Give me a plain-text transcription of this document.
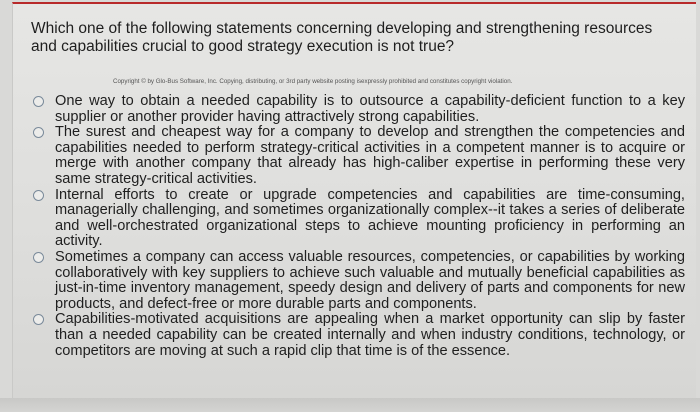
Which one of the following statements concerning developing and strengthening resources and capabilities crucial to good strategy execution is not true?
Copyright © by Glo-Bus Software, Inc. Copying, distributing, or 3rd party website posting isexpressly prohibited and constitutes copyright violation.
One way to obtain a needed capability is to outsource a capability-deficient function to a key supplier or another provider having attractively strong capabilities.
The surest and cheapest way for a company to develop and strengthen the competencies and capabilities needed to perform strategy-critical activities in a competent manner is to acquire or merge with another company that already has high-caliber expertise in performing these very same strategy-critical activities.
Internal efforts to create or upgrade competencies and capabilities are time-consuming, managerially challenging, and sometimes organizationally complex--it takes a series of deliberate and well-orchestrated organizational steps to achieve mounting proficiency in performing an activity.
Sometimes a company can access valuable resources, competencies, or capabilities by working collaboratively with key suppliers to achieve such valuable and mutually beneficial capabilities as just-in-time inventory management, speedy design and delivery of parts and components for new products, and defect-free or more durable parts and components.
Capabilities-motivated acquisitions are appealing when a market opportunity can slip by faster than a needed capability can be created internally and when industry conditions, technology, or competitors are moving at such a rapid clip that time is of the essence.
